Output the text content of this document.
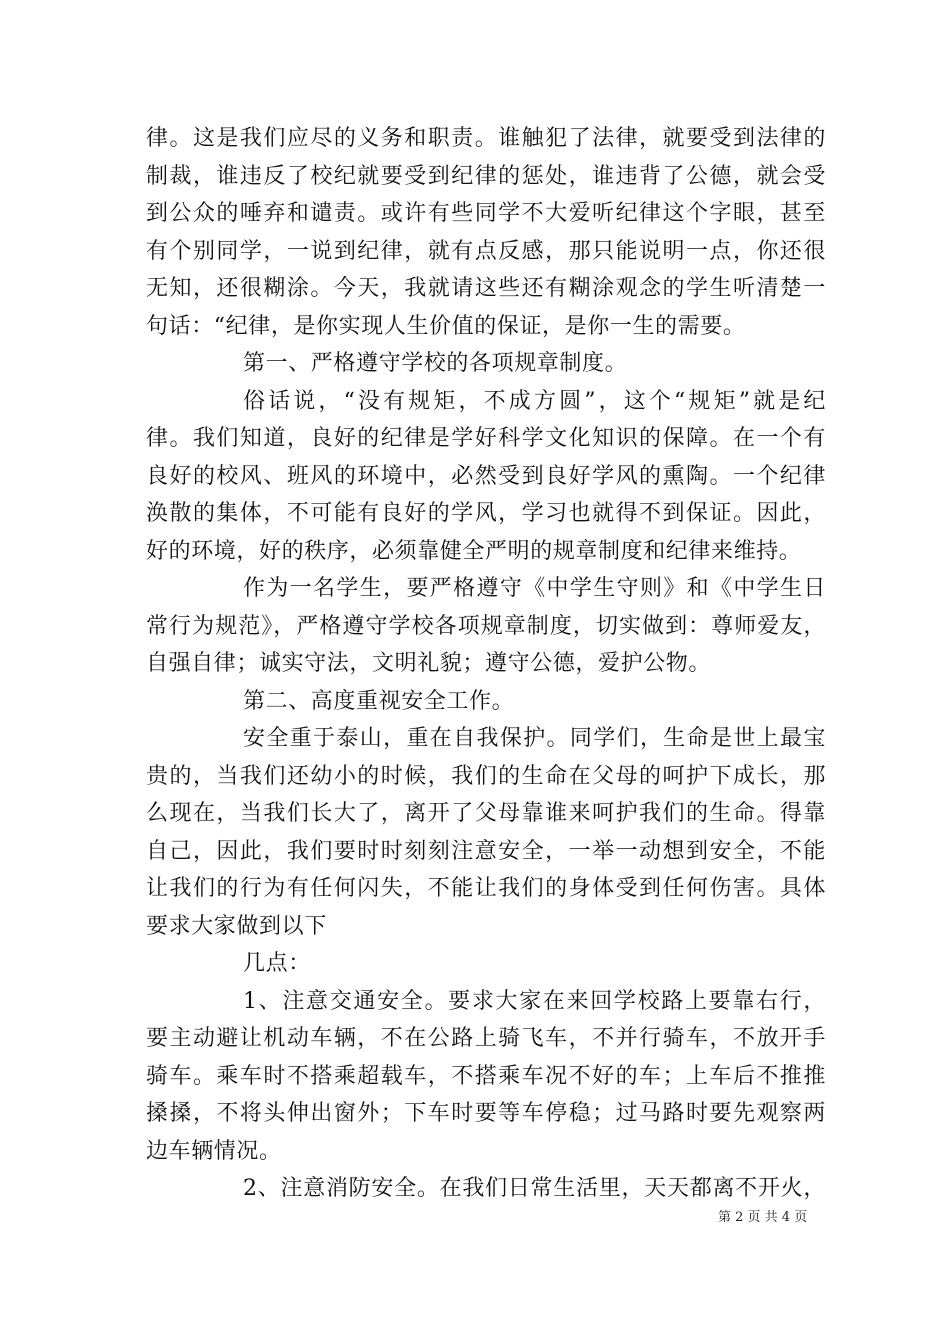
律。这是我们应尽的义务和职责。谁触犯了法律，就要受到法律的
制裁，谁违反了校纪就要受到纪律的惩处，谁违背了公德，就会受
到公众的唾弃和谴责。或许有些同学不大爱听纪律这个字眼，甚至
有个别同学，一说到纪律，就有点反感，那只能说明一点，你还很
无知，还很糊涂。今天，我就请这些还有糊涂观念的学生听清楚一
句话：“纪律，是你实现人生价值的保证，是你一生的需要。
第一、严格遵守学校的各项规章制度。
俗话说，“没有规矩，不成方圆”，这个“规矩”就是纪
律。我们知道，良好的纪律是学好科学文化知识的保障。在一个有
良好的校风、班风的环境中，必然受到良好学风的熏陶。一个纪律
涣散的集体，不可能有良好的学风，学习也就得不到保证。因此，
好的环境，好的秩序，必须靠健全严明的规章制度和纪律来维持。
作为一名学生，要严格遵守《中学生守则》和《中学生日
常行为规范》，严格遵守学校各项规章制度，切实做到：尊师爱友，
自强自律；诚实守法，文明礼貌；遵守公德，爱护公物。
第二、高度重视安全工作。
安全重于泰山，重在自我保护。同学们，生命是世上最宝
贵的，当我们还幼小的时候，我们的生命在父母的呵护下成长，那
么现在，当我们长大了，离开了父母靠谁来呵护我们的生命。得靠
自己，因此，我们要时时刻刻注意安全，一举一动想到安全，不能
让我们的行为有任何闪失，不能让我们的身体受到任何伤害。具体
要求大家做到以下
几点：
1、注意交通安全。要求大家在来回学校路上要靠右行，
要主动避让机动车辆，不在公路上骑飞车，不并行骑车，不放开手
骑车。乘车时不搭乘超载车，不搭乘车况不好的车；上车后不推推
搡搡，不将头伸出窗外；下车时要等车停稳；过马路时要先观察两
边车辆情况。
2、注意消防安全。在我们日常生活里，天天都离不开火，
第 2 页 共 4 页
